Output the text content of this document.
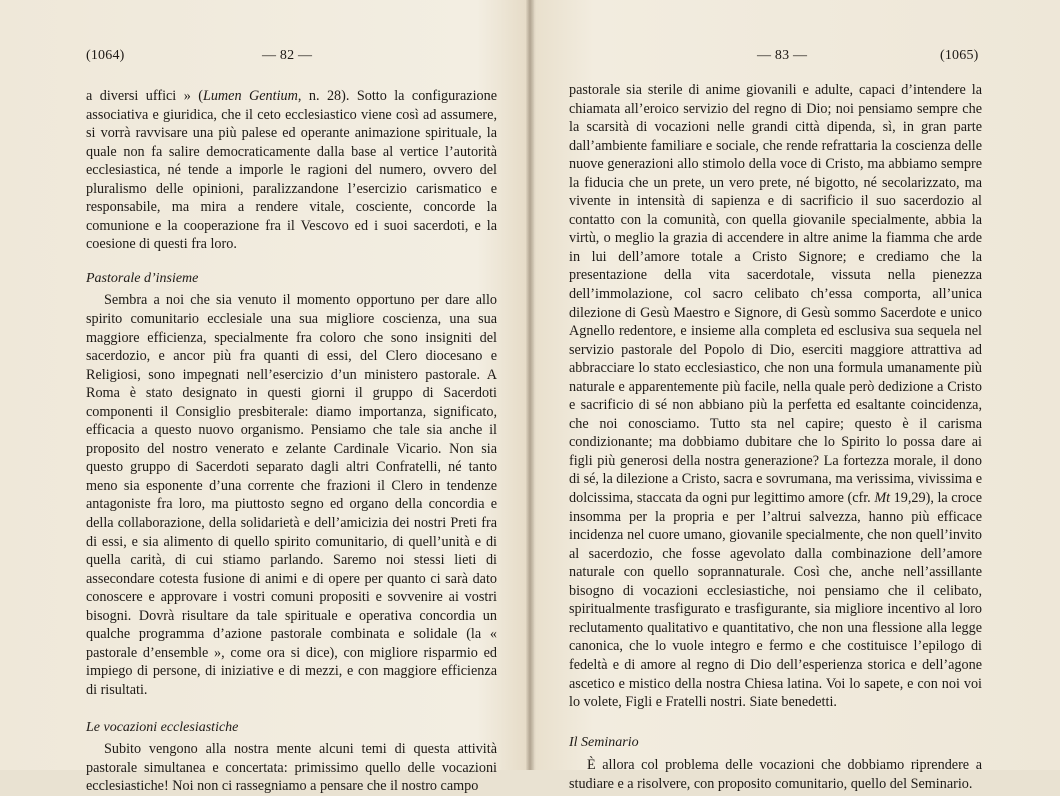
(1064)	— 82 —

a diversi uffici » (Lumen Gentium, n. 28). Sotto la configurazione associativa e giuridica, che il ceto ecclesiastico viene così ad assumere, si vorrà ravvisare una più palese ed operante animazione spirituale, la quale non fa salire democraticamente dalla base al vertice l’autorità ecclesiastica, né tende a imporle le ragioni del numero, ovvero del pluralismo delle opinioni, paralizzandone l’esercizio carismatico e responsabile, ma mira a rendere vitale, cosciente, concorde la comunione e la cooperazione fra il Vescovo ed i suoi sacerdoti, e la coesione di questi fra loro.

Pastorale d’insieme

Sembra a noi che sia venuto il momento opportuno per dare allo spirito comunitario ecclesiale una sua migliore coscienza, una sua maggiore efficienza, specialmente fra coloro che sono insigniti del sacerdozio, e ancor più fra quanti di essi, del Clero diocesano e Religiosi, sono impegnati nell’esercizio d’un ministero pastorale. A Roma è stato designato in questi giorni il gruppo di Sacerdoti componenti il Consiglio presbiterale: diamo importanza, significato, efficacia a questo nuovo organismo. Pensiamo che tale sia anche il proposito del nostro venerato e zelante Cardinale Vicario. Non sia questo gruppo di Sacerdoti separato dagli altri Confratelli, né tanto meno sia esponente d’una corrente che frazioni il Clero in tendenze antagoniste fra loro, ma piuttosto segno ed organo della concordia e della collaborazione, della solidarietà e dell’amicizia dei nostri Preti fra di essi, e sia alimento di quello spirito comunitario, di quell’unità e di quella carità, di cui stiamo parlando. Saremo noi stessi lieti di assecondare cotesta fusione di animi e di opere per quanto ci sarà dato conoscere e approvare i vostri comuni propositi e sovvenire ai vostri bisogni. Dovrà risultare da tale spirituale e operativa concordia un qualche programma d’azione pastorale combinata e solidale (la « pastorale d’ensemble », come ora si dice), con migliore risparmio ed impiego di persone, di iniziative e di mezzi, e con maggiore efficienza di risultati.

Le vocazioni ecclesiastiche

Subito vengono alla nostra mente alcuni temi di questa attività pastorale simultanea e concertata: primissimo quello delle vocazioni ecclesiastiche! Noi non ci rassegniamo a pensare che il nostro campo

— 83 —	(1065)

pastorale sia sterile di anime giovanili e adulte, capaci d’intendere la chiamata all’eroico servizio del regno di Dio; noi pensiamo sempre che la scarsità di vocazioni nelle grandi città dipenda, sì, in gran parte dall’ambiente familiare e sociale, che rende refrattaria la coscienza delle nuove generazioni allo stimolo della voce di Cristo, ma abbiamo sempre la fiducia che un prete, un vero prete, né bigotto, né secolarizzato, ma vivente in intensità di sapienza e di sacrificio il suo sacerdozio al contatto con la comunità, con quella giovanile specialmente, abbia la virtù, o meglio la grazia di accendere in altre anime la fiamma che arde in lui dell’amore totale a Cristo Signore; e crediamo che la presentazione della vita sacerdotale, vissuta nella pienezza dell’immolazione, col sacro celibato ch’essa comporta, all’unica dilezione di Gesù Maestro e Signore, di Gesù sommo Sacerdote e unico Agnello redentore, e insieme alla completa ed esclusiva sua sequela nel servizio pastorale del Popolo di Dio, eserciti maggiore attrattiva ad abbracciare lo stato ecclesiastico, che non una formula umanamente più naturale e apparentemente più facile, nella quale però dedizione a Cristo e sacrificio di sé non abbiano più la perfetta ed esaltante coincidenza, che noi conosciamo. Tutto sta nel capire; questo è il carisma condizionante; ma dobbiamo dubitare che lo Spirito lo possa dare ai figli più generosi della nostra generazione? La fortezza morale, il dono di sé, la dilezione a Cristo, sacra e sovrumana, ma verissima, vivissima e dolcissima, staccata da ogni pur legittimo amore (cfr. Mt 19,29), la croce insomma per la propria e per l’altrui salvezza, hanno più efficace incidenza nel cuore umano, giovanile specialmente, che non quell’invito al sacerdozio, che fosse agevolato dalla combinazione dell’amore naturale con quello soprannaturale. Così che, anche nell’assillante bisogno di vocazioni ecclesiastiche, noi pensiamo che il celibato, spiritualmente trasfigurato e trasfigurante, sia migliore incentivo al loro reclutamento qualitativo e quantitativo, che non una flessione alla legge canonica, che lo vuole integro e fermo e che costituisce l’epilogo di fedeltà e di amore al regno di Dio dell’esperienza storica e dell’agone ascetico e mistico della nostra Chiesa latina. Voi lo sapete, e con noi voi lo volete, Figli e Fratelli nostri. Siate benedetti.

Il Seminario

È allora col problema delle vocazioni che dobbiamo riprendere a studiare e a risolvere, con proposito comunitario, quello del Seminario.
